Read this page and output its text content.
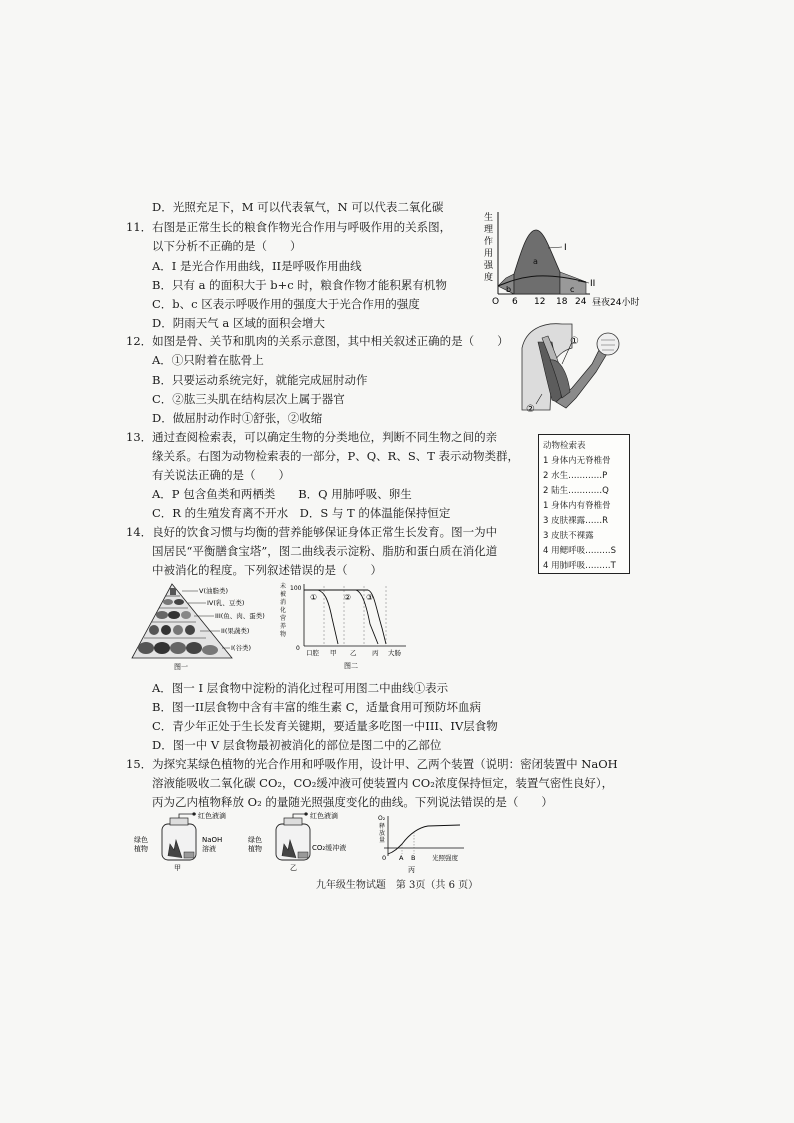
D．光照充足下，M 可以代表氧气，N 可以代表二氧化碳
11．右图是正常生长的粮食作物光合作用与呼吸作用的关系图，
以下分析不正确的是（　　）
A．I 是光合作用曲线，II是呼吸作用曲线
B．只有 a 的面积大于 b+c 时，粮食作物才能积累有机物
C．b、c 区表示呼吸作用的强度大于光合作用的强度
D．阴雨天气 a 区域的面积会增大
12．如图是骨、关节和肌肉的关系示意图，其中相关叙述正确的是（　　）
A．①只附着在肱骨上
B．只要运动系统完好，就能完成屈肘动作
C．②肱三头肌在结构层次上属于器官
D．做屈肘动作时①舒张，②收缩
13．通过查阅检索表，可以确定生物的分类地位，判断不同生物之间的亲
缘关系。右图为动物检索表的一部分，P、Q、R、S、T 表示动物类群，
有关说法正确的是（　　）
A．P 包含鱼类和两栖类　　B．Q 用肺呼吸、卵生
C．R 的生殖发育离不开水　D．S 与 T 的体温能保持恒定
14．良好的饮食习惯与均衡的营养能够保证身体正常生长发育。图一为中
国居民“平衡膳食宝塔”，图二曲线表示淀粉、脂肪和蛋白质在消化道
中被消化的程度。下列叙述错误的是（　　）
A．图一 I 层食物中淀粉的消化过程可用图二中曲线①表示
B．图一II层食物中含有丰富的维生素 C，适量食用可预防坏血病
C．青少年正处于生长发育关键期，要适量多吃图一中III、IV层食物
D．图一中 V 层食物最初被消化的部位是图二中的乙部位
15．为探究某绿色植物的光合作用和呼吸作用，设计甲、乙两个装置（说明：密闭装置中 NaOH
溶液能吸收二氧化碳 CO₂，CO₂缓冲液可使装置内 CO₂浓度保持恒定，装置气密性良好），
丙为乙内植物释放 O₂ 的量随光照强度变化的曲线。下列说法错误的是（　　）
生
理
作
用
强
度
I
II
a
b	c
O 6 12 18 24 昼夜24小时
①
②
动物检索表
1 身体内无脊椎骨
2 水生…………P
2 陆生…………Q
1 身体内有脊椎骨
3 皮肤裸露……R
3 皮肤不裸露
4 用鳃呼吸………S
4 用肺呼吸………T
V(油脂类)
IV(乳、豆类)
III(鱼、肉、蛋类)
II(果蔬类)
I(谷类)
图一
未
被
消
化
营
养
物
100
0
①	② ③
口腔 甲 乙 丙 大肠
图二
红色液滴
绿色
植物
NaOH
溶液
甲
红色液滴
绿色
植物	CO₂缓冲液
乙
O₂
释
放
量
0 A B	光照强度
丙
九年级生物试题　第 3页（共 6 页）
